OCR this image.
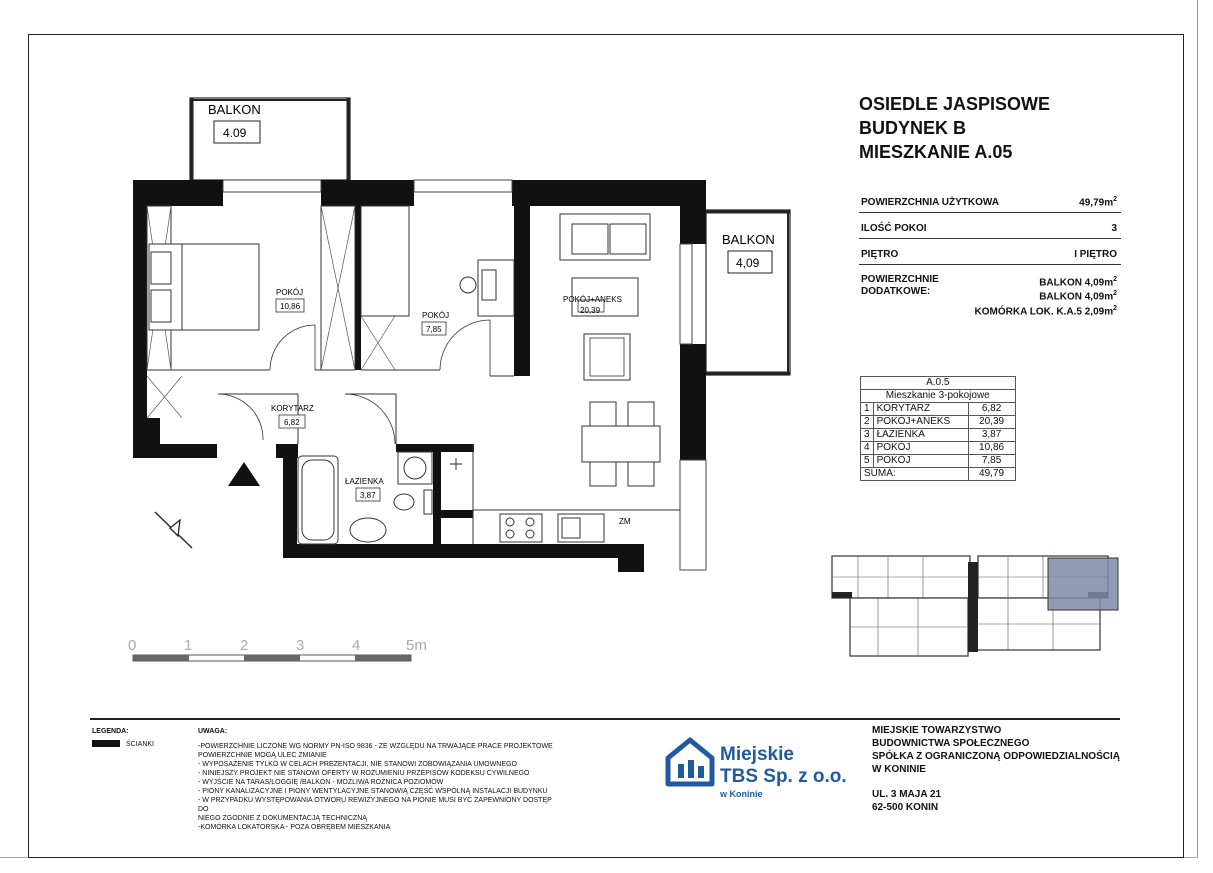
BALKON
4.09
BALKON
4,09
ZM
POKÓJ
10,86
POKÓJ
7,85
POKÓJ+ANEKS
20,39
KORYTARZ
6,82
ŁAZIENKA
3,87
0	1	2	3	4	5m
OSIEDLE JASPISOWE
BUDYNEK B
MIESZKANIE A.05
POWIERZCHNIA UŻYTKOWA	$49,79m^2$
ILOŚĆ POKOI	3
PIĘTRO	I PIĘTRO
POWIERZCHNIE
DODATKOWE:
BALKON $4,09m^2$
BALKON $4,09m^2$
KOMÓRKA LOK. K.A.5 $2,09m^2$
A.0.5		
Mieszkanie 3-pokojowe		
1	KORYTARZ	6,82
2	POKÓJ+ANEKS	20,39
3	ŁAZIENKA	3,87
4	POKÓJ	10,86
5	POKÓJ	7,85
SUMA:		49,79
LEGENDA:
ŚCIANKI
UWAGA:
-POWIERZCHNIE LICZONE WG NORMY PN-ISO 9836 - ZE WZGLĘDU NA TRWAJĄCE PRACE PROJEKTOWE
POWIERZCHNIE MOGĄ ULEC ZMIANIE
- WYPOSAŻENIE TYLKO W CELACH PREZENTACJI, NIE STANOWI ZOBOWIĄZANIA UMOWNEGO
- NINIEJSZY PROJEKT NIE STANOWI OFERTY W ROZUMIENIU PRZEPISÓW KODEKSU CYWILNEGO
- WYJŚCIE NA TARAS/LOGGIĘ /BALKON - MOŻLIWA RÓŻNICA POZIOMÓW
- PIONY KANALIZACYJNE I PIONY WENTYLACYJNE STANOWIĄ CZĘŚĆ WSPÓLNĄ INSTALACJI BUDYNKU
- W PRZYPADKU WYSTĘPOWANIA OTWORU REWIZYJNEGO NA PIONIE MUSI BYĆ ZAPEWNIONY DOSTĘP DO
NIEGO ZGODNIE Z DOKUMENTACJĄ TECHNICZNĄ
-KOMÓRKA LOKATORSKA - POZA OBRĘBEM MIESZKANIA
Miejskie
TBS Sp. z o.o.
w Koninie
MIEJSKIE TOWARZYSTWO
BUDOWNICTWA SPOŁECZNEGO
SPÓŁKA Z OGRANICZONĄ ODPOWIEDZIALNOŚCIĄ
W KONINIE
UL. 3 MAJA 21
62-500 KONIN
